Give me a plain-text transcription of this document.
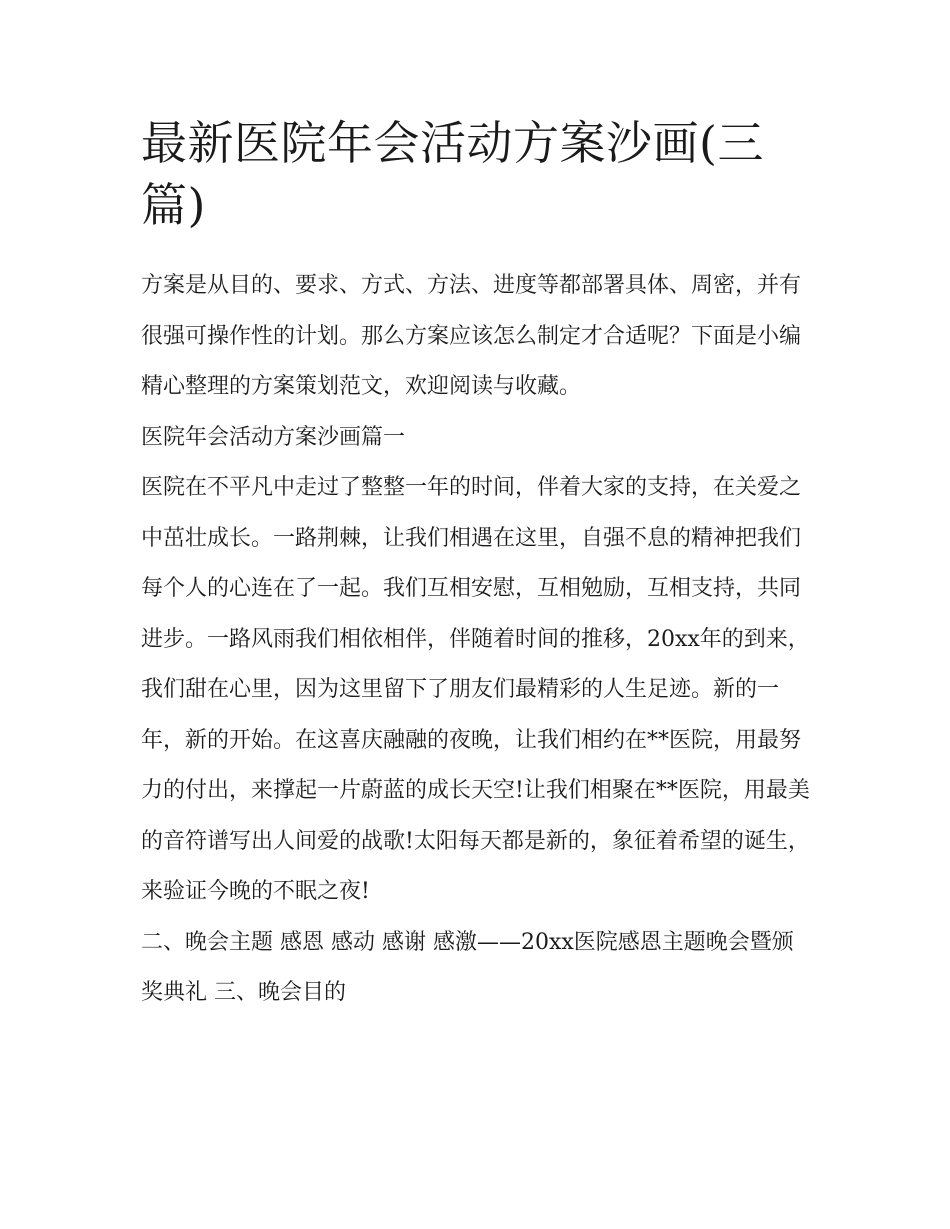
最新医院年会活动方案沙画(三篇)

方案是从目的、要求、方式、方法、进度等都部署具体、周密，并有很强可操作性的计划。那么方案应该怎么制定才合适呢？下面是小编精心整理的方案策划范文，欢迎阅读与收藏。

医院年会活动方案沙画篇一

医院在不平凡中走过了整整一年的时间，伴着大家的支持，在关爱之中茁壮成长。一路荆棘，让我们相遇在这里，自强不息的精神把我们每个人的心连在了一起。我们互相安慰，互相勉励，互相支持，共同进步。一路风雨我们相依相伴，伴随着时间的推移，20xx年的到来，我们甜在心里，因为这里留下了朋友们最精彩的人生足迹。新的一年，新的开始。在这喜庆融融的夜晚，让我们相约在**医院，用最努力的付出，来撑起一片蔚蓝的成长天空!让我们相聚在**医院，用最美的音符谱写出人间爱的战歌!太阳每天都是新的，象征着希望的诞生，来验证今晚的不眠之夜!

二、晚会主题 感恩 感动 感谢 感激——20xx医院感恩主题晚会暨颁奖典礼 三、晚会目的
